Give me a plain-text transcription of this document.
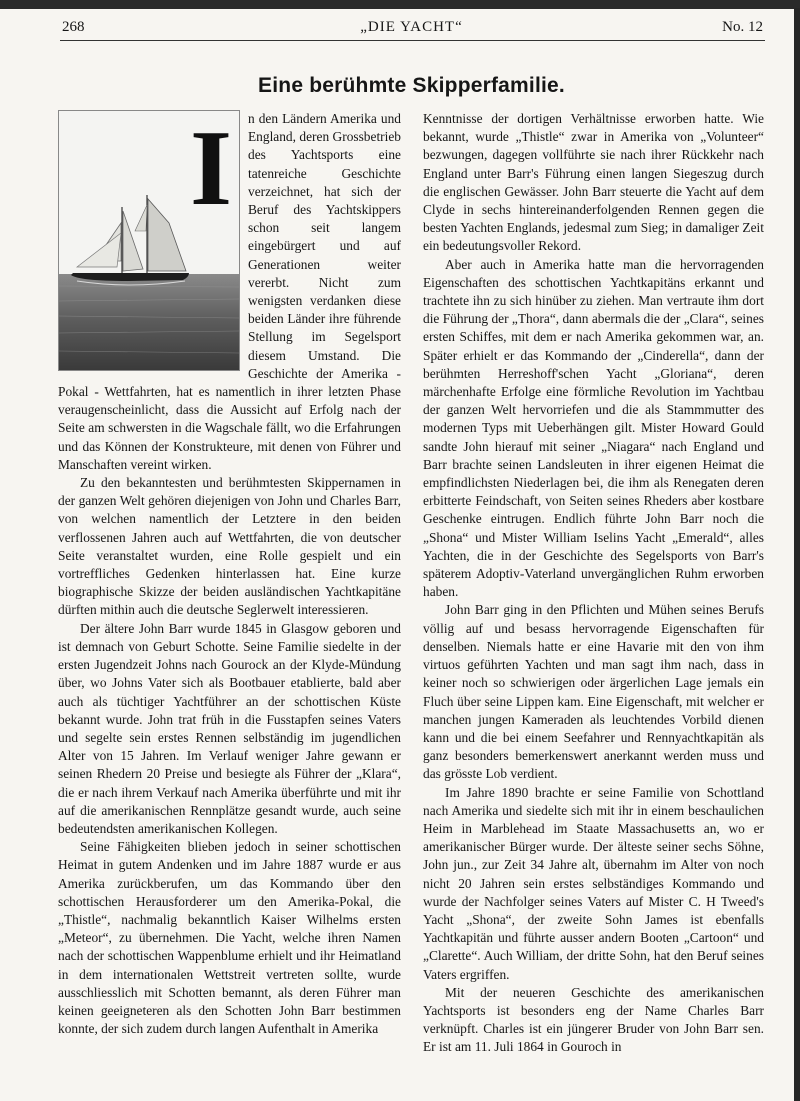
268	„DIE YACHT“	No. 12
Eine berühmte Skipperfamilie.
I	n den Ländern Amerika und England, deren Grossbetrieb des Yachtsports eine tatenreiche Geschichte verzeichnet, hat sich der Beruf des Yachtskippers schon seit langem eingebürgert und auf Generationen weiter vererbt. Nicht zum wenigsten verdanken diese beiden Länder ihre führende Stellung im Segelsport diesem Umstand. Die Geschichte der Amerika - Pokal - Wettfahrten, hat es namentlich in ihrer letzten Phase veraugenscheinlicht, dass die Aussicht auf Erfolg nach der Seite am schwersten in die Wagschale fällt, wo die Erfahrungen und das Können der Konstrukteure, mit denen von Führer und Manschaften vereint wirken.

Zu den bekanntesten und berühmtesten Skippernamen in der ganzen Welt gehören diejenigen von John und Charles Barr, von welchen namentlich der Letztere in den beiden verflossenen Jahren auch auf Wettfahrten, die von deutscher Seite veranstaltet wurden, eine Rolle gespielt und ein vortreffliches Gedenken hinterlassen hat. Eine kurze biographische Skizze der beiden ausländischen Yachtkapitäne dürften mithin auch die deutsche Seglerwelt interessieren.

Der ältere John Barr wurde 1845 in Glasgow geboren und ist demnach von Geburt Schotte. Seine Familie siedelte in der ersten Jugendzeit Johns nach Gourock an der Klyde-Mündung über, wo Johns Vater sich als Bootbauer etablierte, bald aber auch als tüchtiger Yachtführer an der schottischen Küste bekannt wurde. John trat früh in die Fusstapfen seines Vaters und segelte sein erstes Rennen selbständig im jugendlichen Alter von 15 Jahren. Im Verlauf weniger Jahre gewann er seinen Rhedern 20 Preise und besiegte als Führer der „Klara“, die er nach ihrem Verkauf nach Amerika überführte und mit ihr auf die amerikanischen Rennplätze gesandt wurde, auch seine bedeutendsten amerikanischen Kollegen.

Seine Fähigkeiten blieben jedoch in seiner schottischen Heimat in gutem Andenken und im Jahre 1887 wurde er aus Amerika zurückberufen, um das Kommando über den schottischen Herausforderer um den Amerika-Pokal, die „Thistle“, nachmalig bekanntlich Kaiser Wilhelms ersten „Meteor“, zu übernehmen. Die Yacht, welche ihren Namen nach der schottischen Wappenblume erhielt und ihr Heimatland in dem internationalen Wettstreit vertreten sollte, wurde ausschliesslich mit Schotten bemannt, als deren Führer man keinen geeigneteren als den Schotten John Barr bestimmen konnte, der sich zudem durch langen Aufenthalt in Amerika

Kenntnisse der dortigen Verhältnisse erworben hatte. Wie bekannt, wurde „Thistle“ zwar in Amerika von „Volunteer“ bezwungen, dagegen vollführte sie nach ihrer Rückkehr nach England unter Barr's Führung einen langen Siegeszug durch die englischen Gewässer. John Barr steuerte die Yacht auf dem Clyde in sechs hintereinanderfolgenden Rennen gegen die besten Yachten Englands, jedesmal zum Sieg; in damaliger Zeit ein bedeutungsvoller Rekord.

Aber auch in Amerika hatte man die hervorragenden Eigenschaften des schottischen Yachtkapitäns erkannt und trachtete ihn zu sich hinüber zu ziehen. Man vertraute ihm dort die Führung der „Thora“, dann abermals die der „Clara“, seines ersten Schiffes, mit dem er nach Amerika gekommen war, an. Später erhielt er das Kommando der „Cinderella“, dann der berühmten Herreshoff'schen Yacht „Gloriana“, deren märchenhafte Erfolge eine förmliche Revolution im Yachtbau der ganzen Welt hervorriefen und die als Stammmutter des modernen Typs mit Ueberhängen gilt. Mister Howard Gould sandte John hierauf mit seiner „Niagara“ nach England und Barr brachte seinen Landsleuten in ihrer eigenen Heimat die empfindlichsten Niederlagen bei, die ihm als Renegaten deren erbitterte Feindschaft, von Seiten seines Rheders aber kostbare Geschenke eintrugen. Endlich führte John Barr noch die „Shona“ und Mister William Iselins Yacht „Emerald“, alles Yachten, die in der Geschichte des Segelsports von Barr's späterem Adoptiv-Vaterland unvergänglichen Ruhm erworben haben.

John Barr ging in den Pflichten und Mühen seines Berufs völlig auf und besass hervorragende Eigenschaften für denselben. Niemals hatte er eine Havarie mit den von ihm virtuos geführten Yachten und man sagt ihm nach, dass in keiner noch so schwierigen oder ärgerlichen Lage jemals ein Fluch über seine Lippen kam. Eine Eigenschaft, mit welcher er manchen jungen Kameraden als leuchtendes Vorbild dienen kann und die bei einem Seefahrer und Rennyachtkapitän als ganz besonders bemerkenswert anerkannt werden muss und das grösste Lob verdient.

Im Jahre 1890 brachte er seine Familie von Schottland nach Amerika und siedelte sich mit ihr in einem beschaulichen Heim in Marblehead im Staate Massachusetts an, wo er amerikanischer Bürger wurde. Der älteste seiner sechs Söhne, John jun., zur Zeit 34 Jahre alt, übernahm im Alter von noch nicht 20 Jahren sein erstes selbständiges Kommando und wurde der Nachfolger seines Vaters auf Mister C. H Tweed's Yacht „Shona“, der zweite Sohn James ist ebenfalls Yachtkapitän und führte ausser andern Booten „Cartoon“ und „Clarette“. Auch William, der dritte Sohn, hat den Beruf seines Vaters ergriffen.

Mit der neueren Geschichte des amerikanischen Yachtsports ist besonders eng der Name Charles Barr verknüpft. Charles ist ein jüngerer Bruder von John Barr sen. Er ist am 11. Juli 1864 in Gouroch in
